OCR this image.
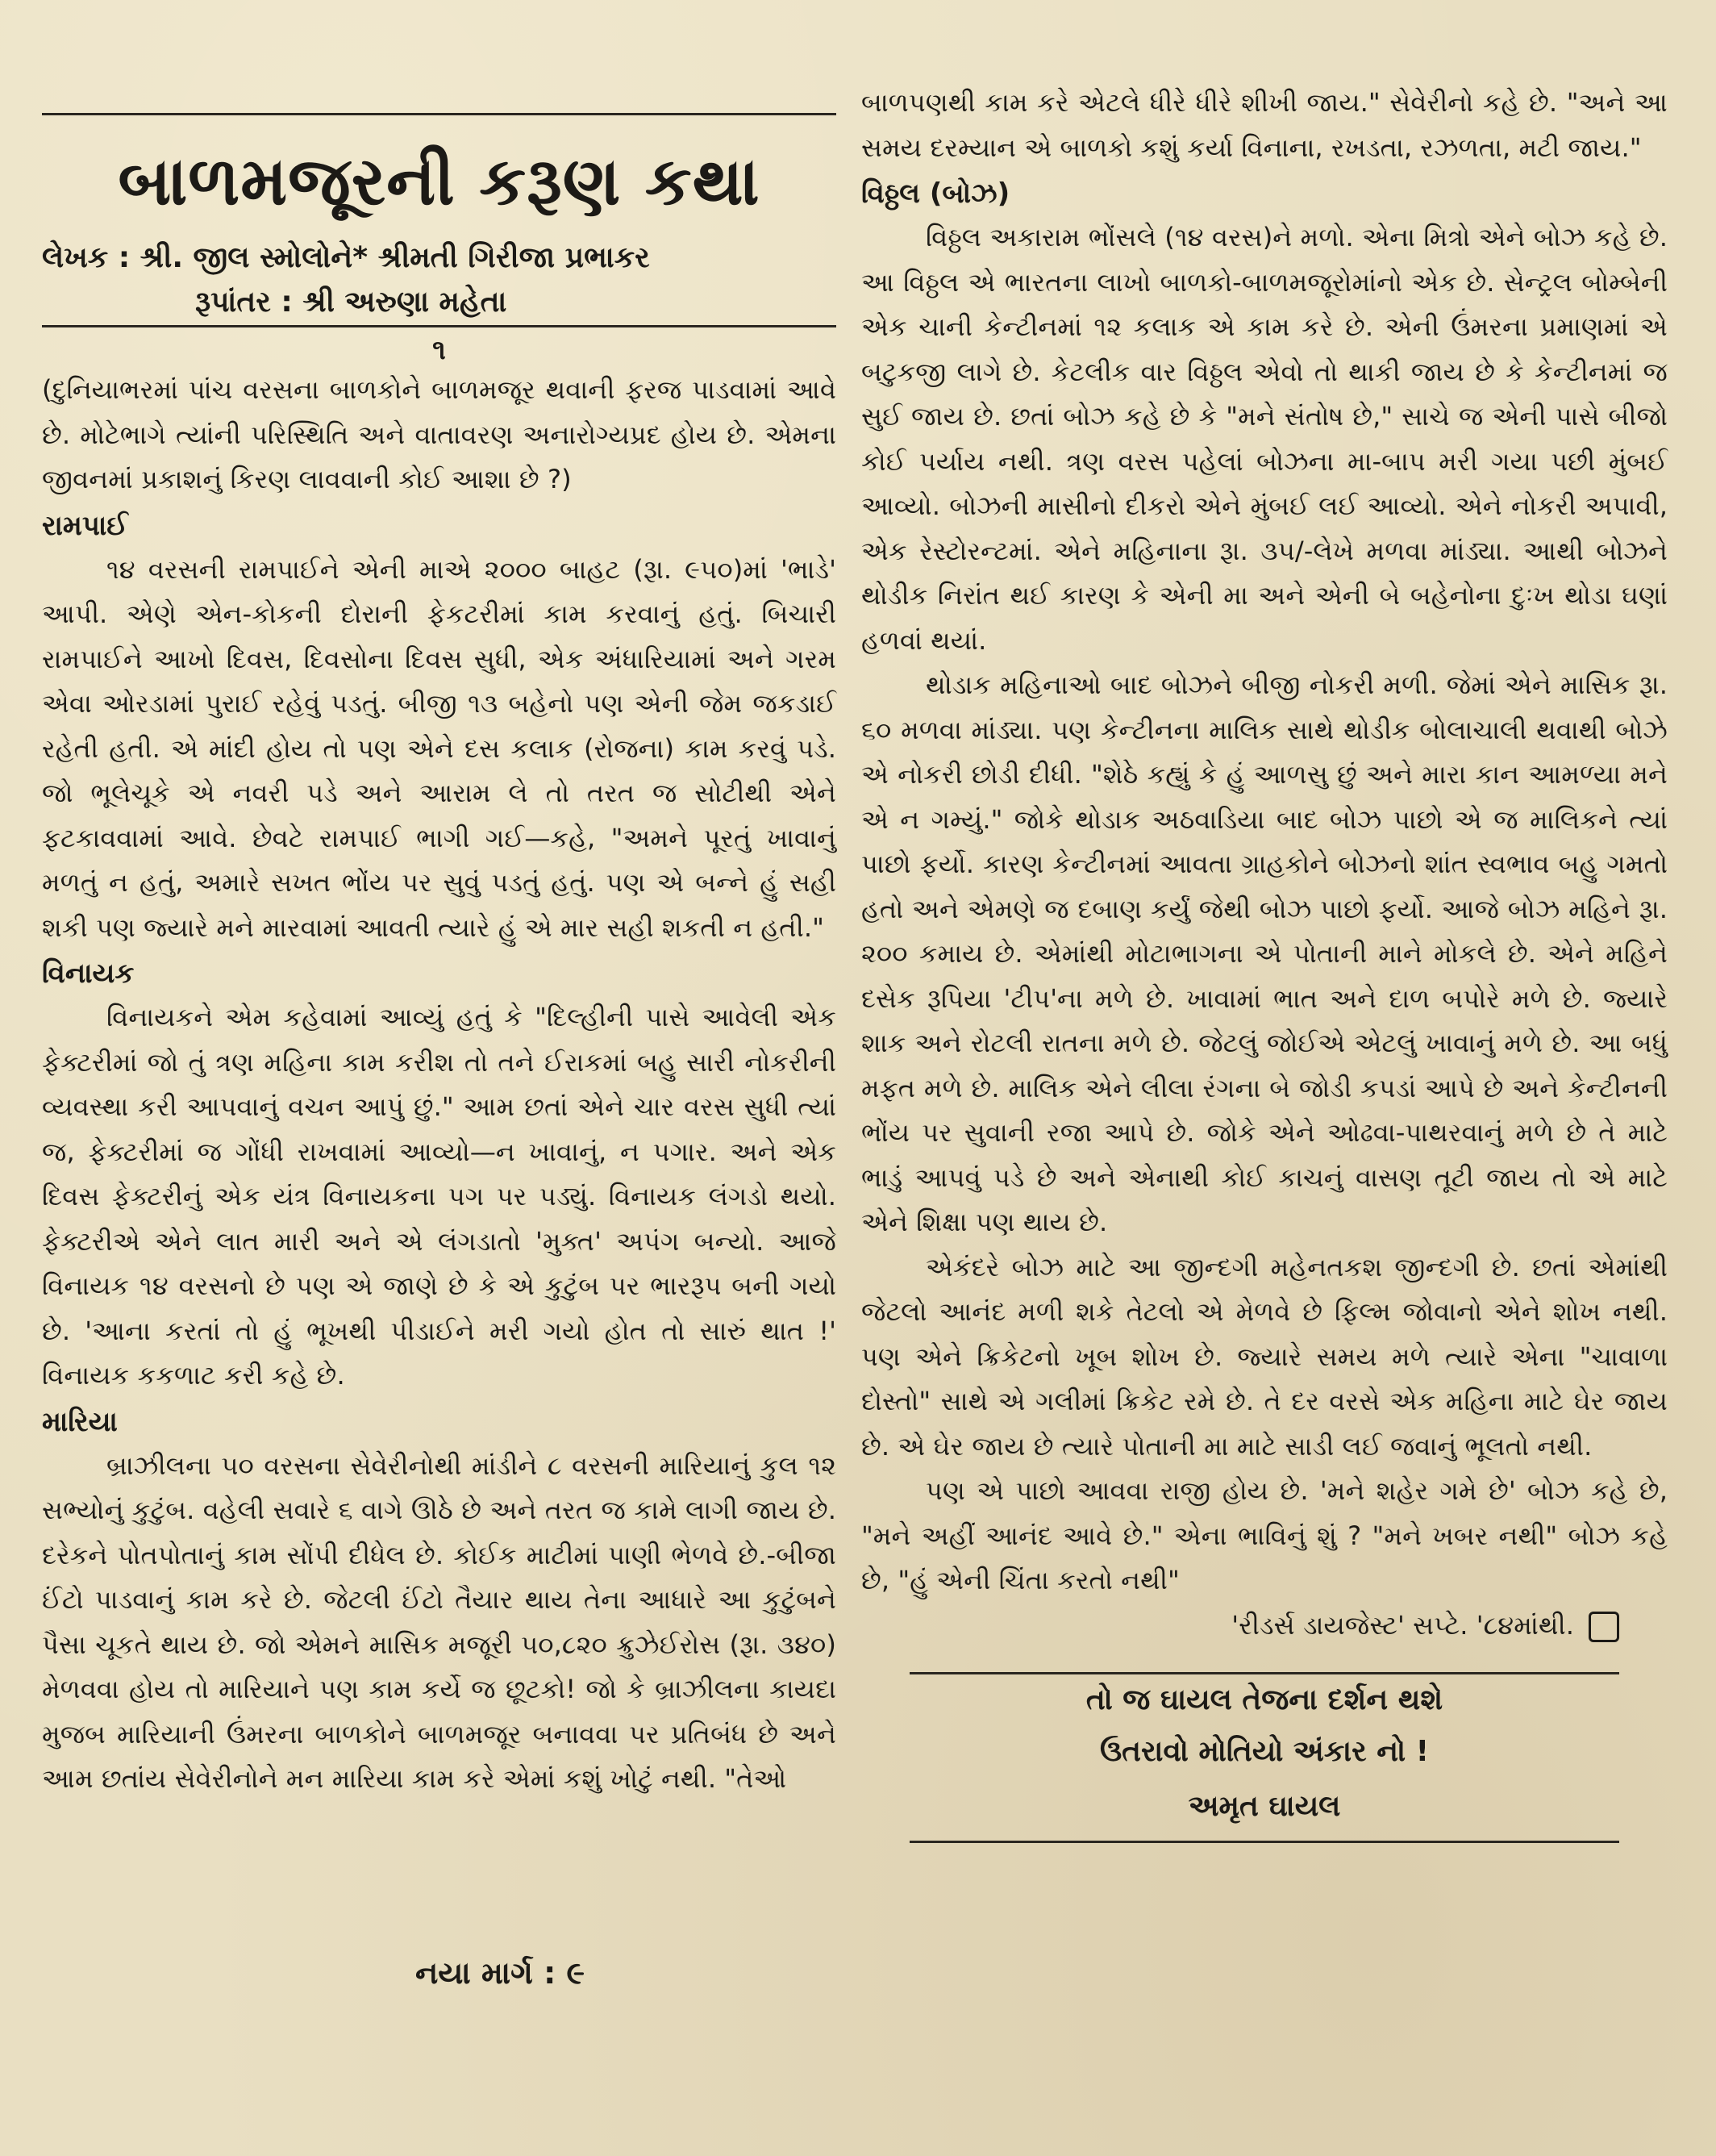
બાળમજૂરની કરૂણ કથા
લેખક : શ્રી. જીલ સ્મોલોને* શ્રીમતી ગિરીજા પ્રભાકર
રૂપાંતર : શ્રી અરુણા મહેતા
૧

(દુનિયાભરમાં પાંચ વરસના બાળકોને બાળમજૂર થવાની ફરજ પાડવામાં આવે છે. મોટેભાગે ત્યાંની પરિસ્થિતિ અને વાતાવરણ અનારોગ્યપ્રદ હોય છે. એમના જીવનમાં પ્રકાશનું કિરણ લાવવાની કોઈ આશા છે ?)

રામપાઈ

૧૪ વરસની રામપાઈને એની માએ ૨૦૦૦ બાહટ (રૂા. ૯૫૦)માં 'ભાડે' આપી. એણે એન-કોકની દોરાની ફેકટરીમાં કામ કરવાનું હતું. બિચારી રામપાઈને આખો દિવસ, દિવસોના દિવસ સુધી, એક અંધારિયામાં અને ગરમ એવા ઓરડામાં પુરાઈ રહેવું પડતું. બીજી ૧૩ બહેનો પણ એની જેમ જકડાઈ રહેતી હતી. એ માંદી હોય તો પણ એને દસ કલાક (રોજના) કામ કરવું પડે. જો ભૂલેચૂકે એ નવરી પડે અને આરામ લે તો તરત જ સોટીથી એને ફટકાવવામાં આવે. છેવટે રામપાઈ ભાગી ગઈ—કહે, "અમને પૂરતું ખાવાનું મળતું ન હતું, અમારે સખત ભોંય પર સુવું પડતું હતું. પણ એ બન્ને હું સહી શકી પણ જ્યારે મને મારવામાં આવતી ત્યારે હું એ માર સહી શકતી ન હતી."

વિનાયક

વિનાયકને એમ કહેવામાં આવ્યું હતું કે "દિલ્હીની પાસે આવેલી એક ફેક્ટરીમાં જો તું ત્રણ મહિના કામ કરીશ તો તને ઈરાકમાં બહુ સારી નોકરીની વ્યવસ્થા કરી આપવાનું વચન આપું છું." આમ છતાં એને ચાર વરસ સુધી ત્યાં જ, ફેક્ટરીમાં જ ગોંધી રાખવામાં આવ્યો—ન ખાવાનું, ન પગાર. અને એક દિવસ ફેક્ટરીનું એક યંત્ર વિનાયકના પગ પર પડ્યું. વિનાયક લંગડો થયો. ફેક્ટરીએ એને લાત મારી અને એ લંગડાતો 'મુક્ત' અપંગ બન્યો. આજે વિનાયક ૧૪ વરસનો છે પણ એ જાણે છે કે એ કુટુંબ પર ભારરૂપ બની ગયો છે. 'આના કરતાં તો હું ભૂખથી પીડાઈને મરી ગયો હોત તો સારું થાત !' વિનાયક કકળાટ કરી કહે છે.

મારિયા

બ્રાઝીલના ૫૦ વરસના સેવેરીનોથી માંડીને ૮ વરસની મારિયાનું કુલ ૧૨ સભ્યોનું કુટુંબ. વહેલી સવારે ૬ વાગે ઊઠે છે અને તરત જ કામે લાગી જાય છે. દરેકને પોતપોતાનું કામ સોંપી દીધેલ છે. કોઈક માટીમાં પાણી ભેળવે છે.-બીજા ઈંટો પાડવાનું કામ કરે છે. જેટલી ઈંટો તૈયાર થાય તેના આધારે આ કુટુંબને પૈસા ચૂકતે થાય છે. જો એમને માસિક મજૂરી ૫૦,૮૨૦ ક્રુઝેઈરોસ (રૂા. ૩૪૦) મેળવવા હોય તો મારિયાને પણ કામ કર્યે જ છૂટકો! જો કે બ્રાઝીલના કાયદા મુજબ મારિયાની ઉંમરના બાળકોને બાળમજૂર બનાવવા પર પ્રતિબંધ છે અને આમ છતાંય સેવેરીનોને મન મારિયા કામ કરે એમાં કશું ખોટું નથી. "તેઓ

બાળપણથી કામ કરે એટલે ધીરે ધીરે શીખી જાય." સેવેરીનો કહે છે. "અને આ સમય દરમ્યાન એ બાળકો કશું કર્યા વિનાના, રખડતા, રઝળતા, મટી જાય."

વિઠ્ઠલ (બોઝ)

વિઠ્ઠલ અકારામ ભોંસલે (૧૪ વરસ)ને મળો. એના મિત્રો એને બોઝ કહે છે. આ વિઠ્ઠલ એ ભારતના લાખો બાળકો-બાળમજૂરોમાંનો એક છે. સેન્ટ્રલ બોમ્બેની એક ચાની કેન્ટીનમાં ૧૨ કલાક એ કામ કરે છે. એની ઉંમરના પ્રમાણમાં એ બટુકજી લાગે છે. કેટલીક વાર વિઠ્ઠલ એવો તો થાકી જાય છે કે કેન્ટીનમાં જ સુઈ જાય છે. છતાં બોઝ કહે છે કે "મને સંતોષ છે," સાચે જ એની પાસે બીજો કોઈ પર્યાય નથી. ત્રણ વરસ પહેલાં બોઝના મા-બાપ મરી ગયા પછી મુંબઈ આવ્યો. બોઝની માસીનો દીકરો એને મુંબઈ લઈ આવ્યો. એને નોકરી અપાવી, એક રેસ્ટોરન્ટમાં. એને મહિનાના રૂા. ૩૫/-લેખે મળવા માંડ્યા. આથી બોઝને થોડીક નિરાંત થઈ કારણ કે એની મા અને એની બે બહેનોના દુઃખ થોડા ઘણાં હળવાં થયાં.

થોડાક મહિનાઓ બાદ બોઝને બીજી નોકરી મળી. જેમાં એને માસિક રૂા. ૬૦ મળવા માંડ્યા. પણ કેન્ટીનના માલિક સાથે થોડીક બોલાચાલી થવાથી બોઝે એ નોકરી છોડી દીધી. "શેઠે કહ્યું કે હું આળસુ છું અને મારા કાન આમળ્યા મને એ ન ગમ્યું." જોકે થોડાક અઠવાડિયા બાદ બોઝ પાછો એ જ માલિકને ત્યાં પાછો ફર્યો. કારણ કેન્ટીનમાં આવતા ગ્રાહકોને બોઝનો શાંત સ્વભાવ બહુ ગમતો હતો અને એમણે જ દબાણ કર્યું જેથી બોઝ પાછો ફર્યો. આજે બોઝ મહિને રૂા. ૨૦૦ કમાય છે. એમાંથી મોટાભાગના એ પોતાની માને મોકલે છે. એને મહિને દસેક રૂપિયા 'ટીપ'ના મળે છે. ખાવામાં ભાત અને દાળ બપોરે મળે છે. જ્યારે શાક અને રોટલી રાતના મળે છે. જેટલું જોઈએ એટલું ખાવાનું મળે છે. આ બધું મફત મળે છે. માલિક એને લીલા રંગના બે જોડી કપડાં આપે છે અને કેન્ટીનની ભોંય પર સુવાની રજા આપે છે. જોકે એને ઓઢવા-પાથરવાનું મળે છે તે માટે ભાડું આપવું પડે છે અને એનાથી કોઈ કાચનું વાસણ તૂટી જાય તો એ માટે એને શિક્ષા પણ થાય છે.

એકંદરે બોઝ માટે આ જીન્દગી મહેનતકશ જીન્દગી છે. છતાં એમાંથી જેટલો આનંદ મળી શકે તેટલો એ મેળવે છે ફિલ્મ જોવાનો એને શોખ નથી. પણ એને ક્રિકેટનો ખૂબ શોખ છે. જ્યારે સમય મળે ત્યારે એના "ચાવાળા દોસ્તો" સાથે એ ગલીમાં ક્રિકેટ રમે છે. તે દર વરસે એક મહિના માટે ઘેર જાય છે. એ ઘેર જાય છે ત્યારે પોતાની મા માટે સાડી લઈ જવાનું ભૂલતો નથી.

પણ એ પાછો આવવા રાજી હોય છે. 'મને શહેર ગમે છે' બોઝ કહે છે, "મને અહીં આનંદ આવે છે." એના ભાવિનું શું ? "મને ખબર નથી" બોઝ કહે છે, "હું એની ચિંતા કરતો નથી"

'રીડર્સ ડાયજેસ્ટ' સપ્ટે. '૮૪માંથી.
તો જ ઘાયલ તેજના દર્શન થશે
ઉતરાવો મોતિયો અંકાર નો !
અમૃત ઘાયલ
નયા માર્ગ : ૯
